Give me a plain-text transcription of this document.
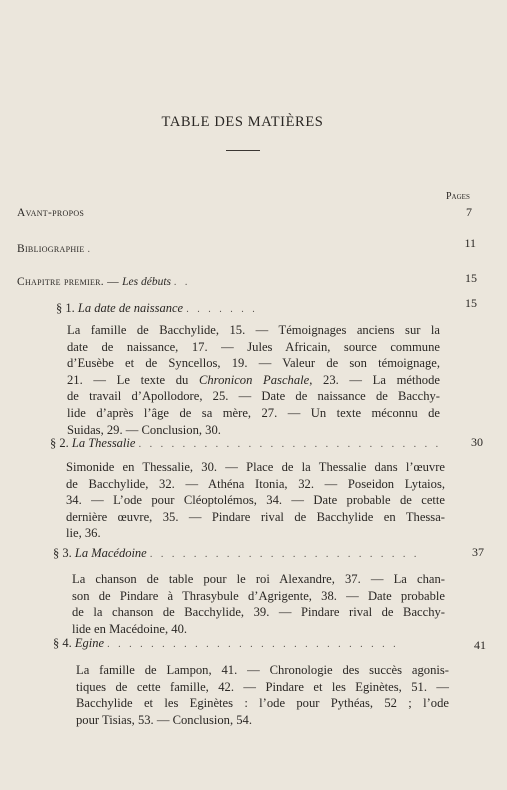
TABLE DES MATIÈRES
Pages
Avant-propos	7
Bibliographie .	11
Chapitre premier. — Les débuts . .	15
§ 1. La date de naissance . . . . . . .	15
La famille de Bacchylide, 15. — Témoignages anciens sur la
date de naissance, 17. — Jules Africain, source commune
d’Eusèbe et de Syncellos, 19. — Valeur de son témoignage,
21. — Le texte du Chronicon Paschale, 23. — La méthode
de travail d’Apollodore, 25. — Date de naissance de Bacchy-
lide d’après l’âge de sa mère, 27. — Un texte méconnu de
Suidas, 29. — Conclusion, 30.
§ 2. La Thessalie . . . . . . . . . . . . . . . . . . . . . . . . . . . .	30
Simonide en Thessalie, 30. — Place de la Thessalie dans l’œuvre
de Bacchylide, 32. — Athéna Itonia, 32. — Poseidon Lytaios,
34. — L’ode pour Cléoptolémos, 34. — Date probable de cette
dernière œuvre, 35. — Pindare rival de Bacchylide en Thessa-
lie, 36.
§ 3. La Macédoine . . . . . . . . . . . . . . . . . . . . . . . . .	37
La chanson de table pour le roi Alexandre, 37. — La chan-
son de Pindare à Thrasybule d’Agrigente, 38. — Date probable
de la chanson de Bacchylide, 39. — Pindare rival de Bacchy-
lide en Macédoine, 40.
§ 4. Egine . . . . . . . . . . . . . . . . . . . . . . . . . . .	41
La famille de Lampon, 41. — Chronologie des succès agonis-
tiques de cette famille, 42. — Pindare et les Eginètes, 51. —
Bacchylide et les Eginètes : l’ode pour Pythéas, 52 ; l’ode
pour Tisias, 53. — Conclusion, 54.
